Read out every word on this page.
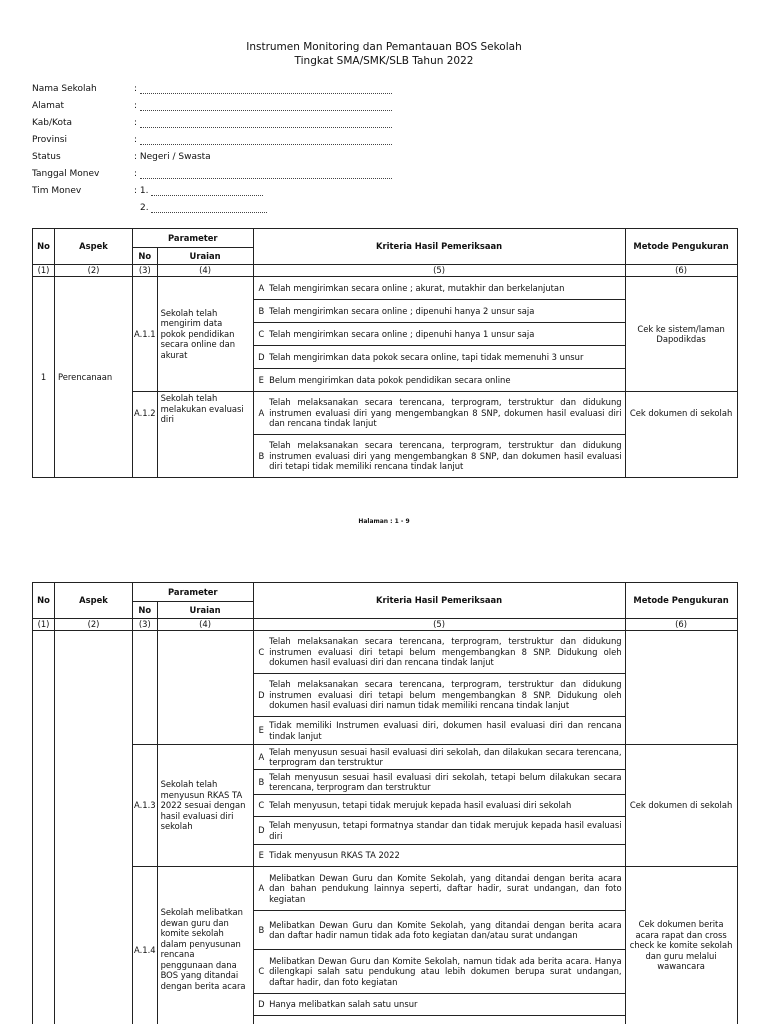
Instrumen Monitoring dan Pemantauan BOS Sekolah
Tingkat SMA/SMK/SLB Tahun 2022
Nama Sekolah	:
Alamat	:
Kab/Kota	:
Provinsi	:
Status	: Negeri / Swasta
Tanggal Monev	:
Tim Monev	: 1.
2.
No	Aspek	Parameter		Kriteria Hasil Pemeriksaan		Metode Pengukuran
		No	Uraian			
(1)	(2)	(3)	(4)	(5)		(6)
1	Perencanaan	A.1.1	Sekolah telah mengirim data pokok pendidikan secara online dan akurat	A	Telah mengirimkan secara online ; akurat, mutakhir dan berkelanjutan	Cek ke sistem/laman Dapodikdas
				B	Telah mengirimkan secara online ; dipenuhi hanya 2 unsur saja	
				C	Telah mengirimkan secara online ; dipenuhi hanya 1 unsur saja	
				D	Telah mengirimkan data pokok secara online, tapi tidak memenuhi 3 unsur	
				E	Belum mengirimkan data pokok pendidikan secara online	
		A.1.2	Sekolah telah melakukan evaluasi diri	A	Telah melaksanakan secara terencana, terprogram, terstruktur dan didukung instrumen evaluasi diri yang mengembangkan 8 SNP, dokumen hasil evaluasi diri dan rencana tindak lanjut	Cek dokumen di sekolah
				B	Telah melaksanakan secara terencana, terprogram, terstruktur dan didukung instrumen evaluasi diri yang mengembangkan 8 SNP, dan dokumen hasil evaluasi diri tetapi tidak memiliki rencana tindak lanjut	
Halaman : 1 - 9
No	Aspek	Parameter		Kriteria Hasil Pemeriksaan		Metode Pengukuran
		No	Uraian			
(1)	(2)	(3)	(4)	(5)		(6)
				C	Telah melaksanakan secara terencana, terprogram, terstruktur dan didukung instrumen evaluasi diri tetapi belum mengembangkan 8 SNP. Didukung oleh dokumen hasil evaluasi diri dan rencana tindak lanjut	
				D	Telah melaksanakan secara terencana, terprogram, terstruktur dan didukung instrumen evaluasi diri tetapi belum mengembangkan 8 SNP. Didukung oleh dokumen hasil evaluasi diri namun tidak memiliki rencana tindak lanjut	
				E	Tidak memiliki Instrumen evaluasi diri, dokumen hasil evaluasi diri dan rencana tindak lanjut	
		A.1.3	Sekolah telah menyusun RKAS TA 2022 sesuai dengan hasil evaluasi diri sekolah	A	Telah menyusun sesuai hasil evaluasi diri sekolah, dan dilakukan secara terencana, terprogram dan terstruktur	Cek dokumen di sekolah
				B	Telah menyusun sesuai hasil evaluasi diri sekolah, tetapi belum dilakukan secara terencana, terprogram dan terstruktur	
				C	Telah menyusun, tetapi tidak merujuk kepada hasil evaluasi diri sekolah	
				D	Telah menyusun, tetapi formatnya standar dan tidak merujuk kepada hasil evaluasi diri	
				E	Tidak menyusun RKAS TA 2022	
		A.1.4	Sekolah melibatkan dewan guru dan komite sekolah dalam penyusunan rencana penggunaan dana BOS yang ditandai dengan berita acara	A	Melibatkan Dewan Guru dan Komite Sekolah, yang ditandai dengan berita acara dan bahan pendukung lainnya seperti, daftar hadir, surat undangan, dan foto kegiatan	Cek dokumen berita acara rapat dan cross check ke komite sekolah dan guru melalui wawancara
				B	Melibatkan Dewan Guru dan Komite Sekolah, yang ditandai dengan berita acara dan daftar hadir namun tidak ada foto kegiatan dan/atau surat undangan	
				C	Melibatkan Dewan Guru dan Komite Sekolah, namun tidak ada berita acara. Hanya dilengkapi salah satu pendukung atau lebih dokumen berupa surat undangan, daftar hadir, dan foto kegiatan	
				D	Hanya melibatkan salah satu unsur	
